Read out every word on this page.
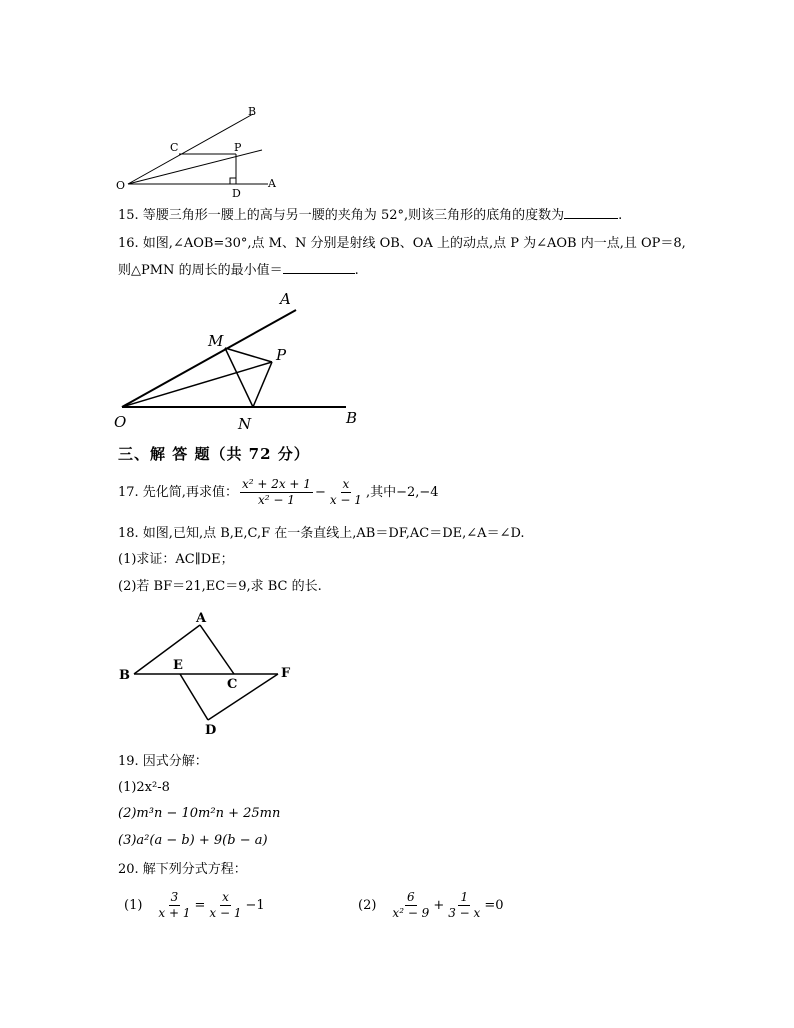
B
C	P
O
D
A
15. 等腰三角形一腰上的高与另一腰的夹角为 52°,则该三角形的底角的度数为	.
16. 如图,∠AOB=30°,点 M、N 分别是射线 OB、OA 上的动点,点 P 为∠AOB 内一点,且 OP＝8,
则△PMN 的周长的最小值＝	.
A
M
P
O	N	B
三、解 答 题（共 72 分）
17. 先化简,再求值： $\frac{\text{x² + 2x + 1}}{\text{x² − 1}} - \frac{x}{x - 1}$ ,其中−2,−4
18. 如图,已知,点 B,E,C,F 在一条直线上,AB＝DF,AC＝DE,∠A＝∠D.
(1)求证：AC∥DE；
(2)若 BF＝21,EC＝9,求 BC 的长.
A
B
E
C
F
D
19. 因式分解：
(1)2x²-8
(2)m³n − 10m²n + 25mn
(3)a²(a − b) + 9(b − a)
20. 解下列分式方程：
$(1) \frac{3}{x + 1} = \frac{x}{x - 1} -1$	$(2) \frac{6}{\text{x² − 9}} + \frac{1}{3 - x} =0$
